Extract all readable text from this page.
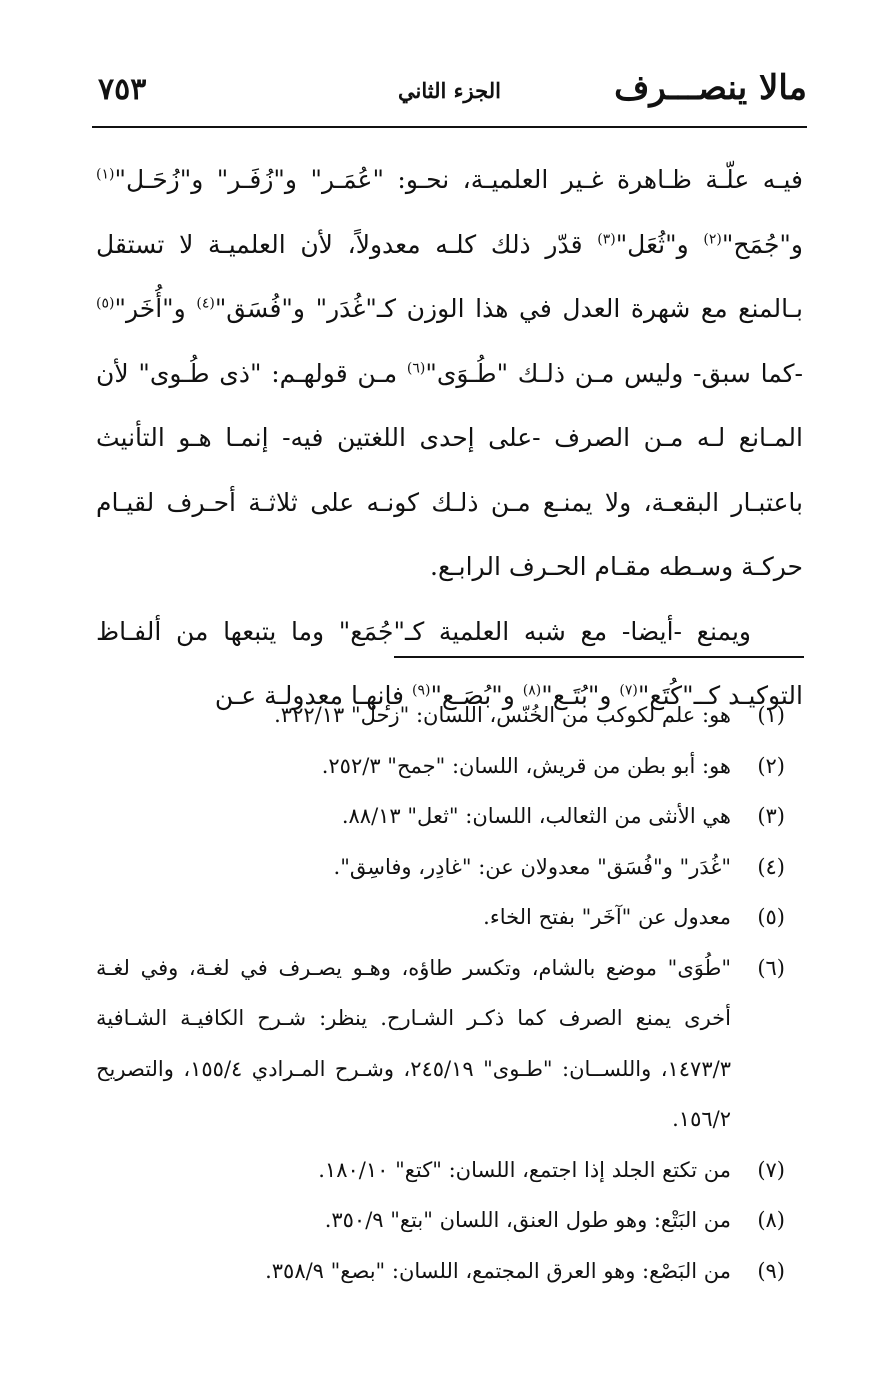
مالا ينصـــرف
الجزء الثاني
٧٥٣

فيـه علّـة ظـاهرة غـير العلميـة، نحـو: "عُمَـر" و"زُفَـر" و"زُحَـل"$^{(١)}$ و"جُمَح"$^{(٢)}$ و"ثُعَل"$^{(٣)}$ قدّر ذلك كلـه معدولاً، لأن العلميـة لا تستقل بـالمنع مع شهرة العدل في هذا الوزن كـ"غُدَر" و"فُسَق"$^{(٤)}$ و"أُخَر"$^{(٥)}$ -كما سبق- وليس مـن ذلـك "طُـوَى"$^{(٦)}$ مـن قولهـم: "ذى طُـوى" لأن المـانع لـه مـن الصرف -على إحدى اللغتين فيه- إنمـا هـو التأنيث باعتبـار البقعـة، ولا يمنـع مـن ذلـك كونـه على ثلاثـة أحـرف لقيـام حركـة وسـطه مقـام الحـرف الرابـع.

ويمنع -أيضا- مع شبه العلمية كـ"جُمَع" وما يتبعها من ألفـاظ التوكيـد كــ"كُتَع"$^{(٧)}$ و"بُتَـع"$^{(٨)}$ و"بُصَـع"$^{(٩)}$ فإنهـا معدولـة عـن

(١)
هو: علم لكوكب من الخُنّس، اللسان: "زحل" ٣٢٢/١٣.
(٢)
هو: أبو بطن من قريش، اللسان: "جمح" ٢٥٢/٣.
(٣)
هي الأنثى من الثعالب، اللسان: "ثعل" ٨٨/١٣.
(٤)
"غُدَر" و"فُسَق" معدولان عن: "غادِر، وفاسِق".
(٥)
معدول عن "آخَر" بفتح الخاء.
(٦)
"طُوَى" موضع بالشام، وتكسر طاؤه، وهـو يصـرف في لغـة، وفي لغـة أخرى يمنع الصرف كما ذكـر الشـارح. ينظر: شـرح الكافيـة الشـافية ١٤٧٣/٣، واللســان: "طـوى" ٢٤٥/١٩، وشـرح المـرادي ١٥٥/٤، والتصريح ١٥٦/٢.
(٧)
من تكتع الجلد إذا اجتمع، اللسان: "كتع" ١٨٠/١٠.
(٨)
من البَتْع: وهو طول العنق، اللسان "بتع" ٣٥٠/٩.
(٩)
من البَصْع: وهو العرق المجتمع، اللسان: "بصع" ٣٥٨/٩.
